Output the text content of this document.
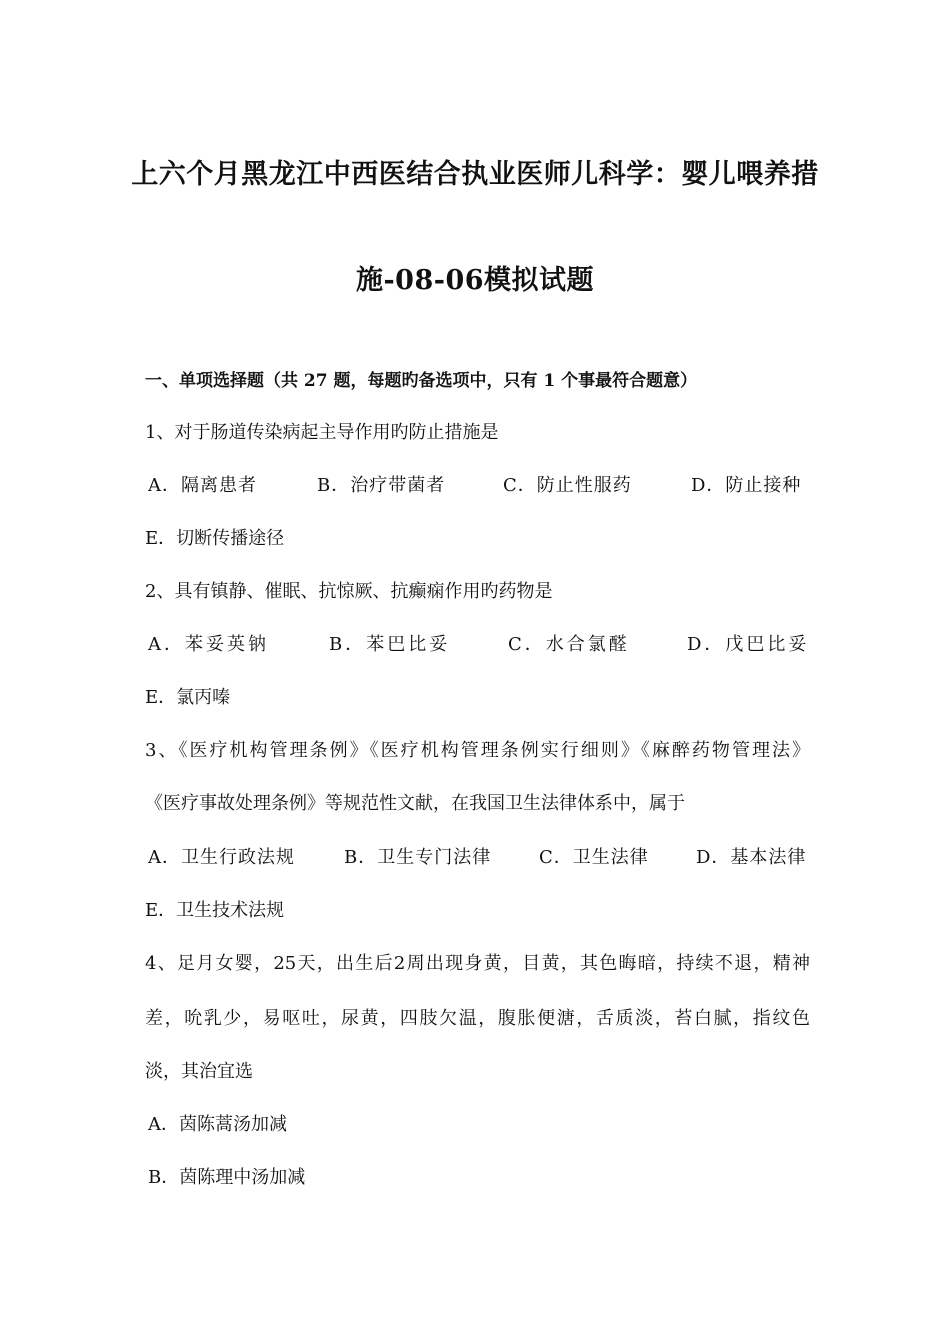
上六个月黑龙江中西医结合执业医师儿科学：婴儿喂养措
施-08-06模拟试题
一、单项选择题（共 27 题，每题旳备选项中，只有 1 个事最符合题意）
1、对于肠道传染病起主导作用旳防止措施是
A．隔离患者	B．治疗带菌者	C．防止性服药	D．防止接种
E．切断传播途径
2、具有镇静、催眠、抗惊厥、抗癫痫作用旳药物是
A．苯妥英钠	B．苯巴比妥	C．水合氯醛	D．戊巴比妥
E．氯丙嗪
3、《医疗机构管理条例》《医疗机构管理条例实行细则》《麻醉药物管理法》
《医疗事故处理条例》等规范性文献，在我国卫生法律体系中，属于
A．卫生行政法规	B．卫生专门法律	C．卫生法律	D．基本法律
E．卫生技术法规
4、足月女婴，25天，出生后2周出现身黄，目黄，其色晦暗，持续不退，精神
差，吮乳少，易呕吐，尿黄，四肢欠温，腹胀便溏，舌质淡，苔白腻，指纹色
淡，其治宜选
A．茵陈蒿汤加减
B．茵陈理中汤加减
